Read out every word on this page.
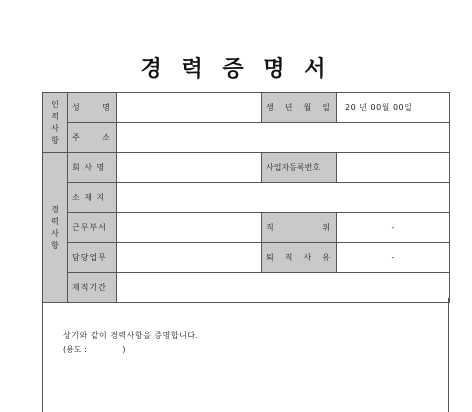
경 력 증 명 서
인
적
사
항	성 명		생 년 월 일	20 년 00월 00일

	주 소			

경
력
사
항	회 사 명		사업자등록번호	
	소 재 지			
	근무부서		직 위	-
	담당업무		퇴 직 사 유	-
	재직기간			
상기와 같이 경력사항을 증명합니다.
(용도 :              )
